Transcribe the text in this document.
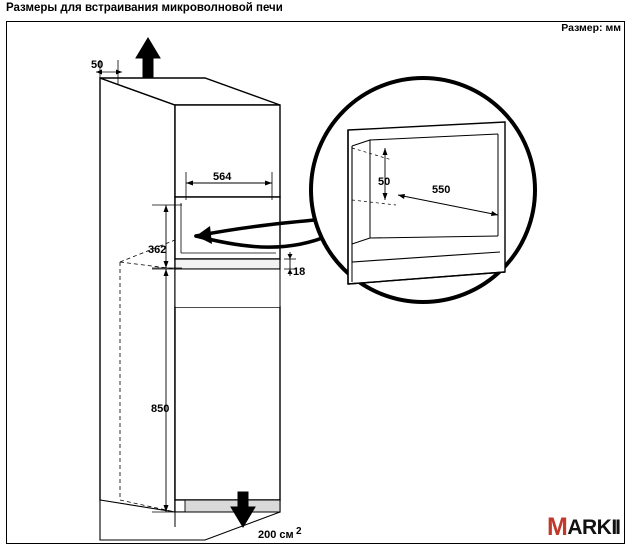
Размеры для встраивания микроволновой печи
Размер: мм
50
564
362
18
850
200 см 2
50
550
MARKII
